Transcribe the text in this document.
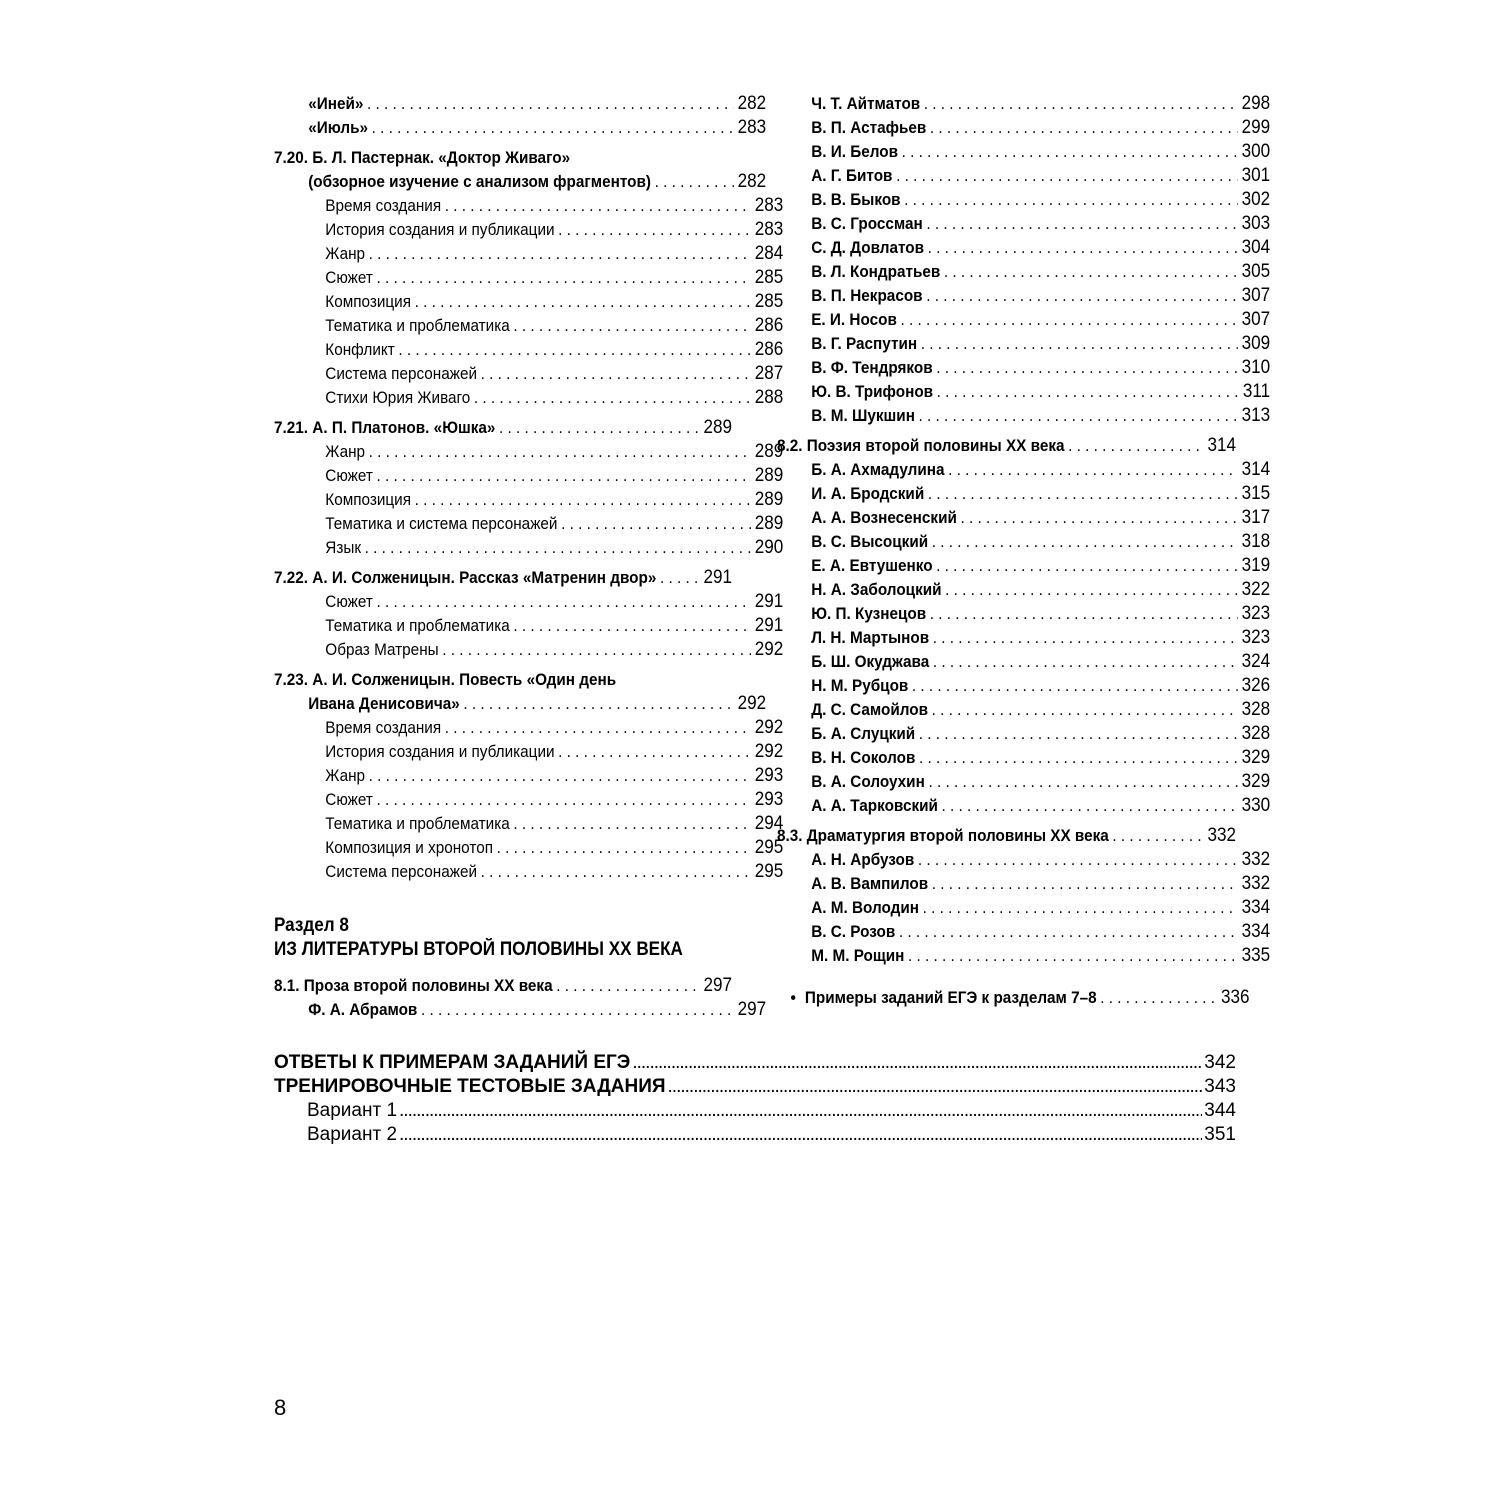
«Иней» . . .	282
«Июль» . . .	283
7.20. Б. Л. Пастернак. «Доктор Живаго»
(обзорное изучение с анализом фрагментов) . . .	282
Время создания . . .	283
История создания и публикации . . .	283
Жанр . . .	284
Сюжет . . .	285
Композиция . . .	285
Тематика и проблематика . . .	286
Конфликт . . .	286
Система персонажей . . .	287
Стихи Юрия Живаго . . .	288
7.21. А. П. Платонов. «Юшка» . . .	289
Жанр . . .	289
Сюжет . . .	289
Композиция . . .	289
Тематика и система персонажей . . .	289
Язык . . .	290
7.22. А. И. Солженицын. Рассказ «Матренин двор» . . . 291
Сюжет . . .	291
Тематика и проблематика . . .	291
Образ Матрены . . .	292
7.23. А. И. Солженицын. Повесть «Один день
Ивана Денисовича» . . .	292
Время создания . . .	292
История создания и публикации . . .	292
Жанр . . .	293
Сюжет . . .	293
Тематика и проблематика . . .	294
Композиция и хронотоп . . .	295
Система персонажей . . .	295
Раздел 8
ИЗ ЛИТЕРАТУРЫ ВТОРОЙ ПОЛОВИНЫ XX ВЕКА
8.1. Проза второй половины XX века . . .	297
Ф. А. Абрамов . . .	297
Ч. Т. Айтматов . . .	298
В. П. Астафьев . . .	299
В. И. Белов . . .	300
А. Г. Битов . . .	301
В. В. Быков . . .	302
В. С. Гроссман . . .	303
С. Д. Довлатов . . .	304
В. Л. Кондратьев . . .	305
В. П. Некрасов . . .	307
Е. И. Носов . . .	307
В. Г. Распутин . . .	309
В. Ф. Тендряков . . .	310
Ю. В. Трифонов . . .	311
В. М. Шукшин . . .	313
8.2. Поэзия второй половины XX века . . .	314
Б. А. Ахмадулина . . .	314
И. А. Бродский . . .	315
А. А. Вознесенский . . .	317
В. С. Высоцкий . . .	318
Е. А. Евтушенко . . .	319
Н. А. Заболоцкий . . .	322
Ю. П. Кузнецов . . .	323
Л. Н. Мартынов . . .	323
Б. Ш. Окуджава . . .	324
Н. М. Рубцов . . .	326
Д. С. Самойлов . . .	328
Б. А. Слуцкий . . .	328
В. Н. Соколов . . .	329
В. А. Солоухин . . .	329
А. А. Тарковский . . .	330
8.3. Драматургия второй половины XX века . . .	332
А. Н. Арбузов . . .	332
А. В. Вампилов . . .	332
А. М. Володин . . .	334
В. С. Розов . . .	334
М. М. Рощин . . .	335
• Примеры заданий ЕГЭ к разделам 7–8 . . .	336
ОТВЕТЫ К ПРИМЕРАМ ЗАДАНИЙ ЕГЭ .....	342
ТРЕНИРОВОЧНЫЕ ТЕСТОВЫЕ ЗАДАНИЯ .....	343
Вариант 1 .....	344
Вариант 2 .....	351
8
